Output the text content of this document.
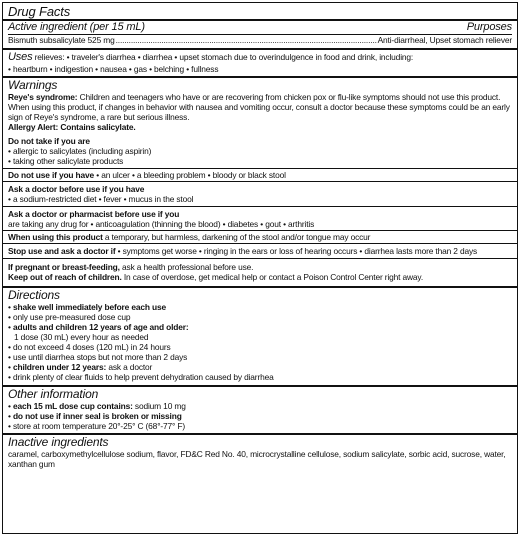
Drug Facts
Active ingredient (per 15 mL)	Purposes
Bismuth subsalicylate 525 mg
.....	Anti-diarrheal, Upset stomach reliever
Uses relieves: • traveler's diarrhea • diarrhea • upset stomach due to overindulgence in food and drink, including:
• heartburn • indigestion • nausea • gas • belching • fullness
Warnings
Reye's syndrome: Children and teenagers who have or are recovering from chicken pox or flu-like symptoms should not use this product. When using this product, if changes in behavior with nausea and vomiting occur, consult a doctor because these symptoms could be an early sign of Reye's syndrome, a rare but serious illness.
Allergy Alert: Contains salicylate.
Do not take if you are
• allergic to salicylates (including aspirin)
• taking other salicylate products
Do not use if you have • an ulcer • a bleeding problem • bloody or black stool
Ask a doctor before use if you have
• a sodium-restricted diet • fever • mucus in the stool
Ask a doctor or pharmacist before use if you
are taking any drug for • anticoagulation (thinning the blood) • diabetes • gout • arthritis
When using this product a temporary, but harmless, darkening of the stool and/or tongue may occur
Stop use and ask a doctor if • symptoms get worse • ringing in the ears or loss of hearing occurs • diarrhea lasts more than 2 days
If pregnant or breast-feeding, ask a health professional before use.
Keep out of reach of children. In case of overdose, get medical help or contact a Poison Control Center right away.
Directions
• shake well immediately before each use
• only use pre-measured dose cup
• adults and children 12 years of age and older:
1 dose (30 mL) every hour as needed
• do not exceed 4 doses (120 mL) in 24 hours
• use until diarrhea stops but not more than 2 days
• children under 12 years: ask a doctor
• drink plenty of clear fluids to help prevent dehydration caused by diarrhea
Other information
• each 15 mL dose cup contains: sodium 10 mg
• do not use if inner seal is broken or missing
• store at room temperature 20°-25° C (68°-77° F)
Inactive ingredients
caramel, carboxymethylcellulose sodium, flavor, FD&C Red No. 40, microcrystalline cellulose, sodium salicylate, sorbic acid, sucrose, water, xanthan gum
